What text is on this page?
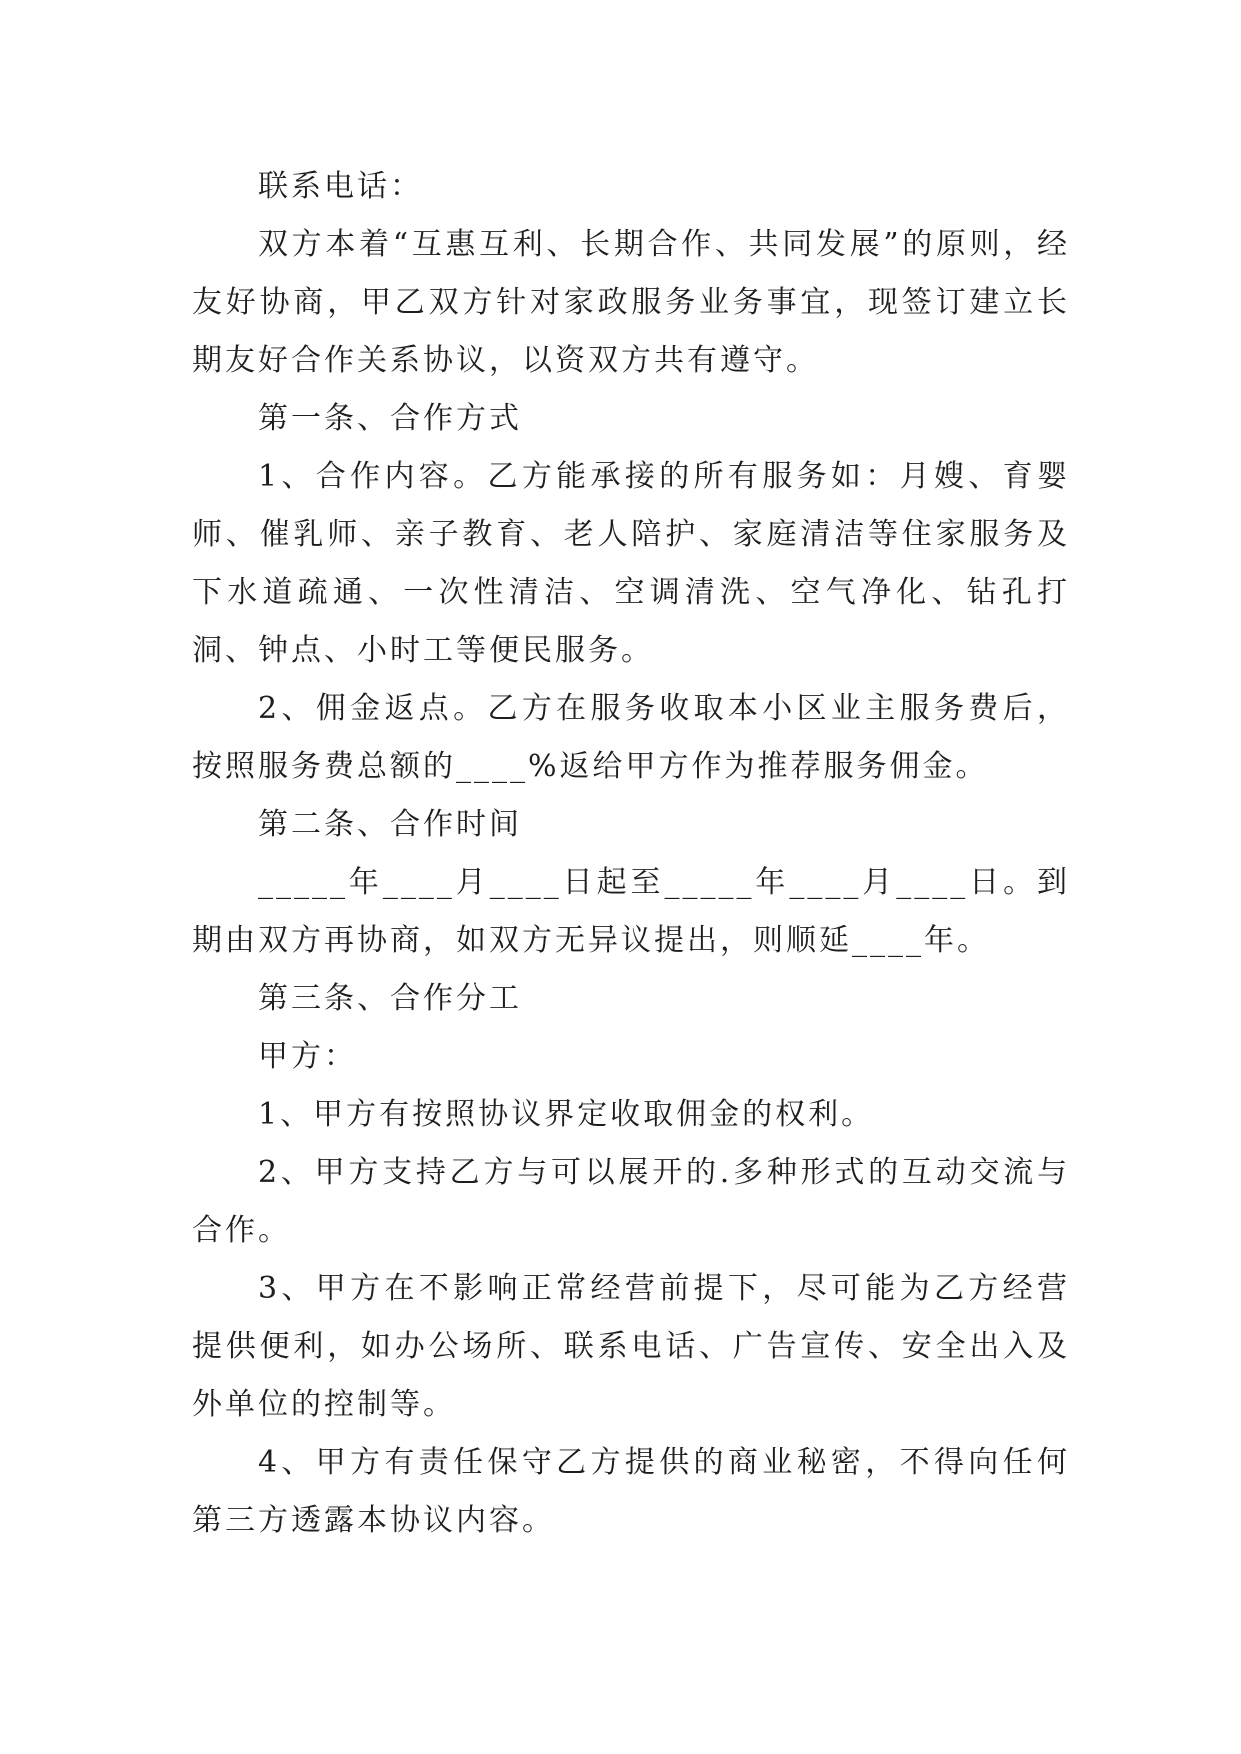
联系电话：

双方本着“互惠互利、长期合作、共同发展”的原则，经友好协商，甲乙双方针对家政服务业务事宜，现签订建立长期友好合作关系协议，以资双方共有遵守。

第一条、合作方式

1、合作内容。乙方能承接的所有服务如：月嫂、育婴师、催乳师、亲子教育、老人陪护、家庭清洁等住家服务及下水道疏通、一次性清洁、空调清洗、空气净化、钻孔打洞、钟点、小时工等便民服务。

2、佣金返点。乙方在服务收取本小区业主服务费后，按照服务费总额的____%返给甲方作为推荐服务佣金。

第二条、合作时间

_____年____月____日起至_____年____月____日。到期由双方再协商，如双方无异议提出，则顺延____年。

第三条、合作分工

甲方：

1、甲方有按照协议界定收取佣金的权利。

2、甲方支持乙方与可以展开的.多种形式的互动交流与合作。

3、甲方在不影响正常经营前提下，尽可能为乙方经营提供便利，如办公场所、联系电话、广告宣传、安全出入及外单位的控制等。

4、甲方有责任保守乙方提供的商业秘密，不得向任何第三方透露本协议内容。
